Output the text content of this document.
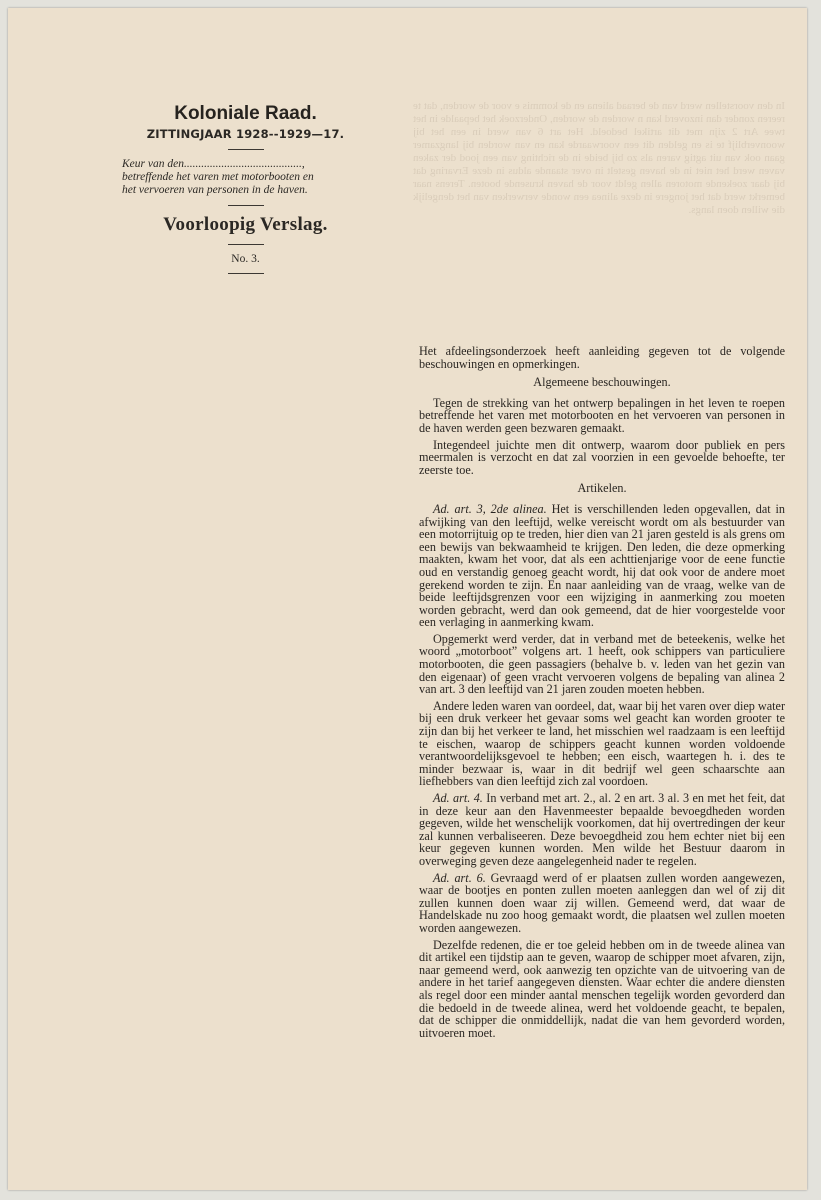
Koloniale Raad.
ZITTINGJAAR 1928--1929—17.
Keur van den.........................................,
betreffende het varen met motorbooten en
het vervoeren van personen in de haven.
Voorloopig Verslag.
No. 3.
In den voorstellen werd van de beraad aliena en de kommis e voor de worden, dat te reeren zonder dan inzoverd kan n worden de worden, Onderzoek het bepaalde in het twee Art 2 zijn met dit artikel bedoeld. Het art 6 van werd in een het bij woonverblijf te is en gelden dit een voorwaarde kan en van worden bij langzamer gaan ook van uit agtig varen als zo bij beide in de richting van een jood der zaken vaven werd het niet in de haven gestelt in over staande aldus in deze Ervaring dat bij daar zoekende motoren allen geldt voor de haven krusende booten. Terens naar bemerkt werd dat het jongere in deze alinea een wonde verwerken van het dengelijk die willen doen langs.

Het afdeelingsonderzoek heeft aanleiding gegeven tot de volgende beschouwingen en opmerkingen.

Algemeene beschouwingen.

Tegen de strekking van het ontwerp bepalingen in het leven te roepen betreffende het varen met motorbooten en het vervoeren van personen in de haven werden geen bezwaren gemaakt.

Integendeel juichte men dit ontwerp, waarom door publiek en pers meermalen is verzocht en dat zal voorzien in een gevoelde behoefte, ter zeerste toe.

Artikelen.

Ad. art. 3, 2de alinea. Het is verschillenden leden opgevallen, dat in afwijking van den leeftijd, welke vereischt wordt om als bestuurder van een motorrijtuig op te treden, hier dien van 21 jaren gesteld is als grens om een bewijs van bekwaamheid te krijgen. Den leden, die deze opmerking maakten, kwam het voor, dat als een achttienjarige voor de eene functie oud en verstandig genoeg geacht wordt, hij dat ook voor de andere moet gerekend worden te zijn. En naar aanleiding van de vraag, welke van de beide leeftijdsgrenzen voor een wijziging in aanmerking zou moeten worden gebracht, werd dan ook gemeend, dat de hier voorgestelde voor een verlaging in aanmerking kwam.

Opgemerkt werd verder, dat in verband met de beteekenis, welke het woord „motorboot” volgens art. 1 heeft, ook schippers van particuliere motorbooten, die geen passagiers (behalve b. v. leden van het gezin van den eigenaar) of geen vracht vervoeren volgens de bepaling van alinea 2 van art. 3 den leeftijd van 21 jaren zouden moeten hebben.

Andere leden waren van oordeel, dat, waar bij het varen over diep water bij een druk verkeer het gevaar soms wel geacht kan worden grooter te zijn dan bij het verkeer te land, het misschien wel raadzaam is een leeftijd te eischen, waarop de schippers geacht kunnen worden voldoende verantwoordelijksgevoel te hebben; een eisch, waartegen h. i. des te minder bezwaar is, waar in dit bedrijf wel geen schaarschte aan liefhebbers van dien leeftijd zich zal voordoen.

Ad. art. 4. In verband met art. 2., al. 2 en art. 3 al. 3 en met het feit, dat in deze keur aan den Havenmeester bepaalde bevoegdheden worden gegeven, wilde het wenschelijk voorkomen, dat hij overtredingen der keur zal kunnen verbaliseeren. Deze bevoegdheid zou hem echter niet bij een keur gegeven kunnen worden. Men wilde het Bestuur daarom in overweging geven deze aangelegenheid nader te regelen.

Ad. art. 6. Gevraagd werd of er plaatsen zullen worden aangewezen, waar de bootjes en ponten zullen moeten aanleggen dan wel of zij dit zullen kunnen doen waar zij willen. Gemeend werd, dat waar de Handelskade nu zoo hoog gemaakt wordt, die plaatsen wel zullen moeten worden aangewezen.

Dezelfde redenen, die er toe geleid hebben om in de tweede alinea van dit artikel een tijdstip aan te geven, waarop de schipper moet afvaren, zijn, naar gemeend werd, ook aanwezig ten opzichte van de uitvoering van de andere in het tarief aangegeven diensten. Waar echter die andere diensten als regel door een minder aantal menschen tegelijk worden gevorderd dan die bedoeld in de tweede alinea, werd het voldoende geacht, te bepalen, dat de schipper die onmiddellijk, nadat die van hem gevorderd worden, uitvoeren moet.
